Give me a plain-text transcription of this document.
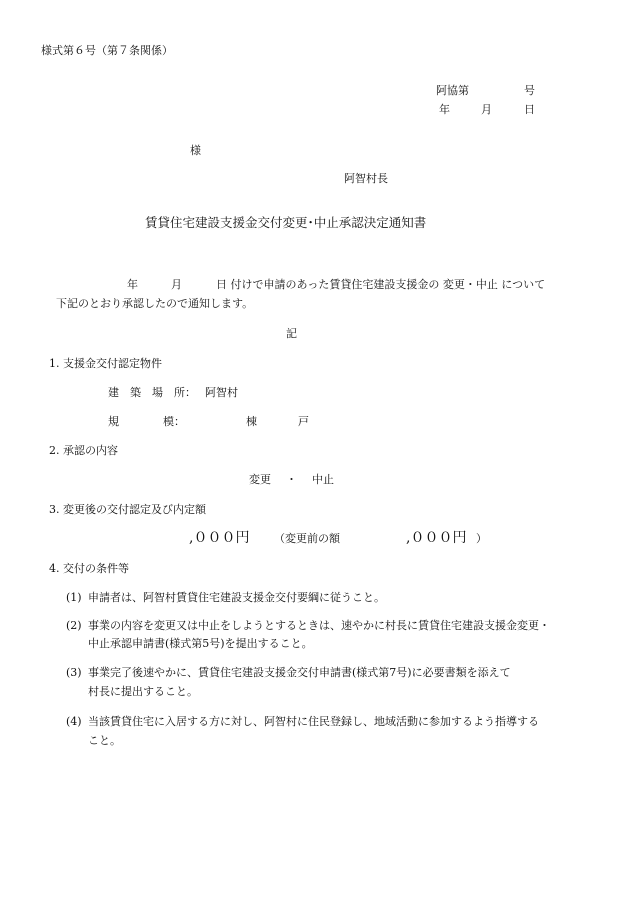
様式第６号（第７条関係）
阿協第	号
年	月	日
様
阿智村長
賃貸住宅建設支援金交付変更･中止承認決定通知書
年	月	日 付けで申請のあった賃貸住宅建設支援金の 変更・中止 について
下記のとおり承認したので通知します。
記
1. 支援金交付認定物件
建　築　場　所： 阿智村
規　　　　模：	棟	戸
2. 承認の内容
変更 ・ 中止
3. 変更後の交付認定及び内定額
,０００円 （変更前の額	,０００円 ）
4. 交付の条件等
(1) 申請者は、阿智村賃貸住宅建設支援金交付要綱に従うこと。
(2) 事業の内容を変更又は中止をしようとするときは、速やかに村長に賃貸住宅建設支援金変更・
中止承認申請書(様式第5号)を提出すること。
(3) 事業完了後速やかに、賃貸住宅建設支援金交付申請書(様式第7号)に必要書類を添えて
村長に提出すること。
(4) 当該賃貸住宅に入居する方に対し、阿智村に住民登録し、地域活動に参加するよう指導する
こと。
